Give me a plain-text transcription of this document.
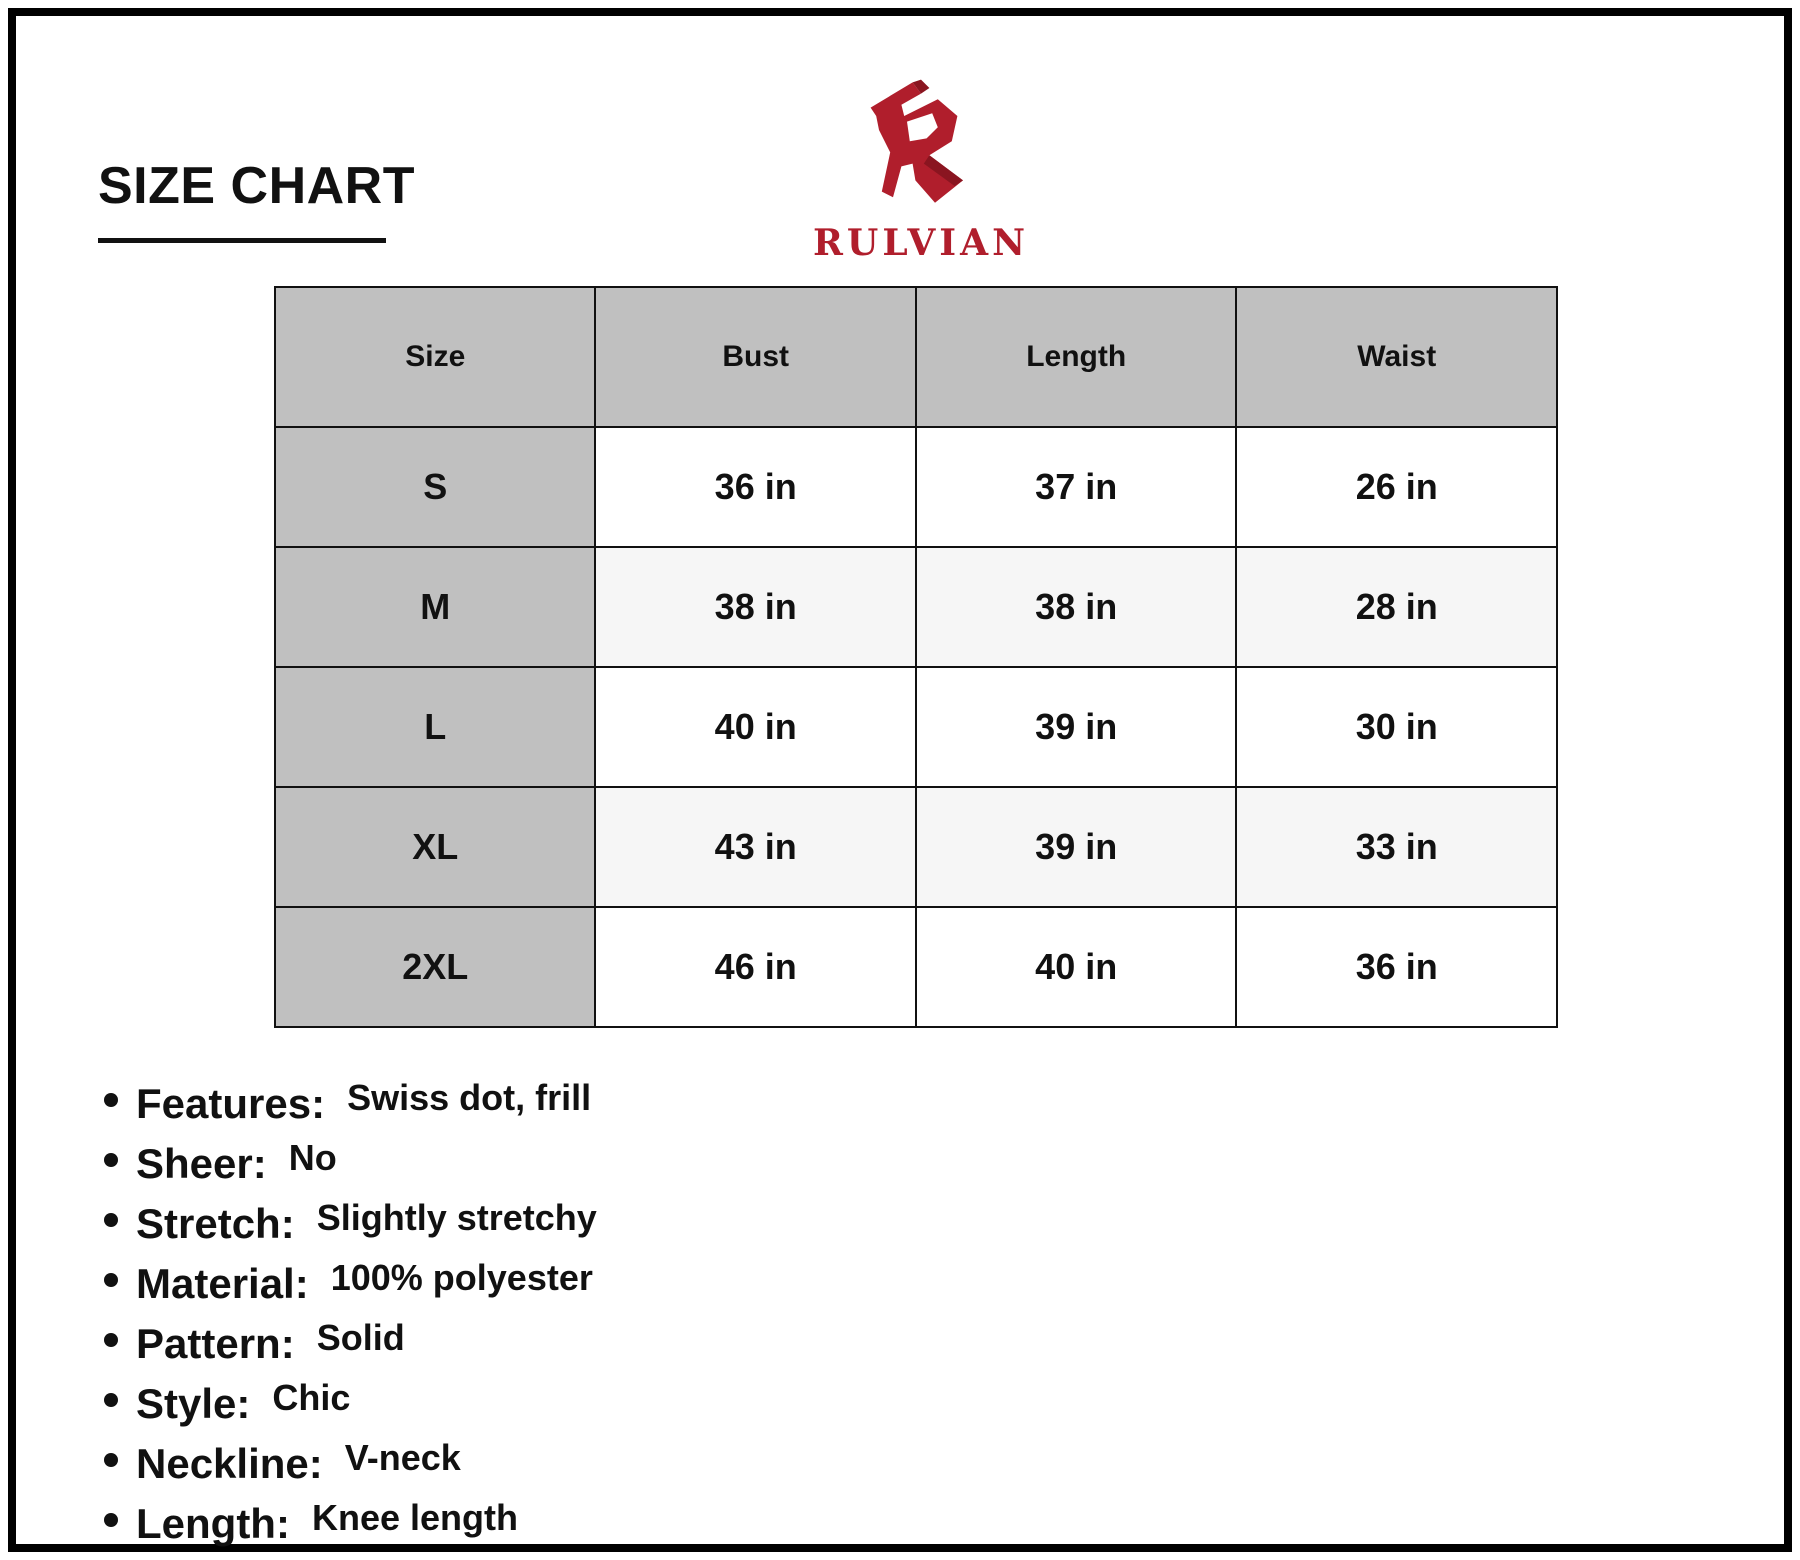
SIZE CHART
RULVIAN
Size	Bust	Length	Waist
S	36 in	37 in	26 in
M	38 in	38 in	28 in
L	40 in	39 in	30 in
XL	43 in	39 in	33 in
2XL	46 in	40 in	36 in
Features: Swiss dot, frill
Sheer: No
Stretch: Slightly stretchy
Material: 100% polyester
Pattern: Solid
Style: Chic
Neckline: V-neck
Length: Knee length
